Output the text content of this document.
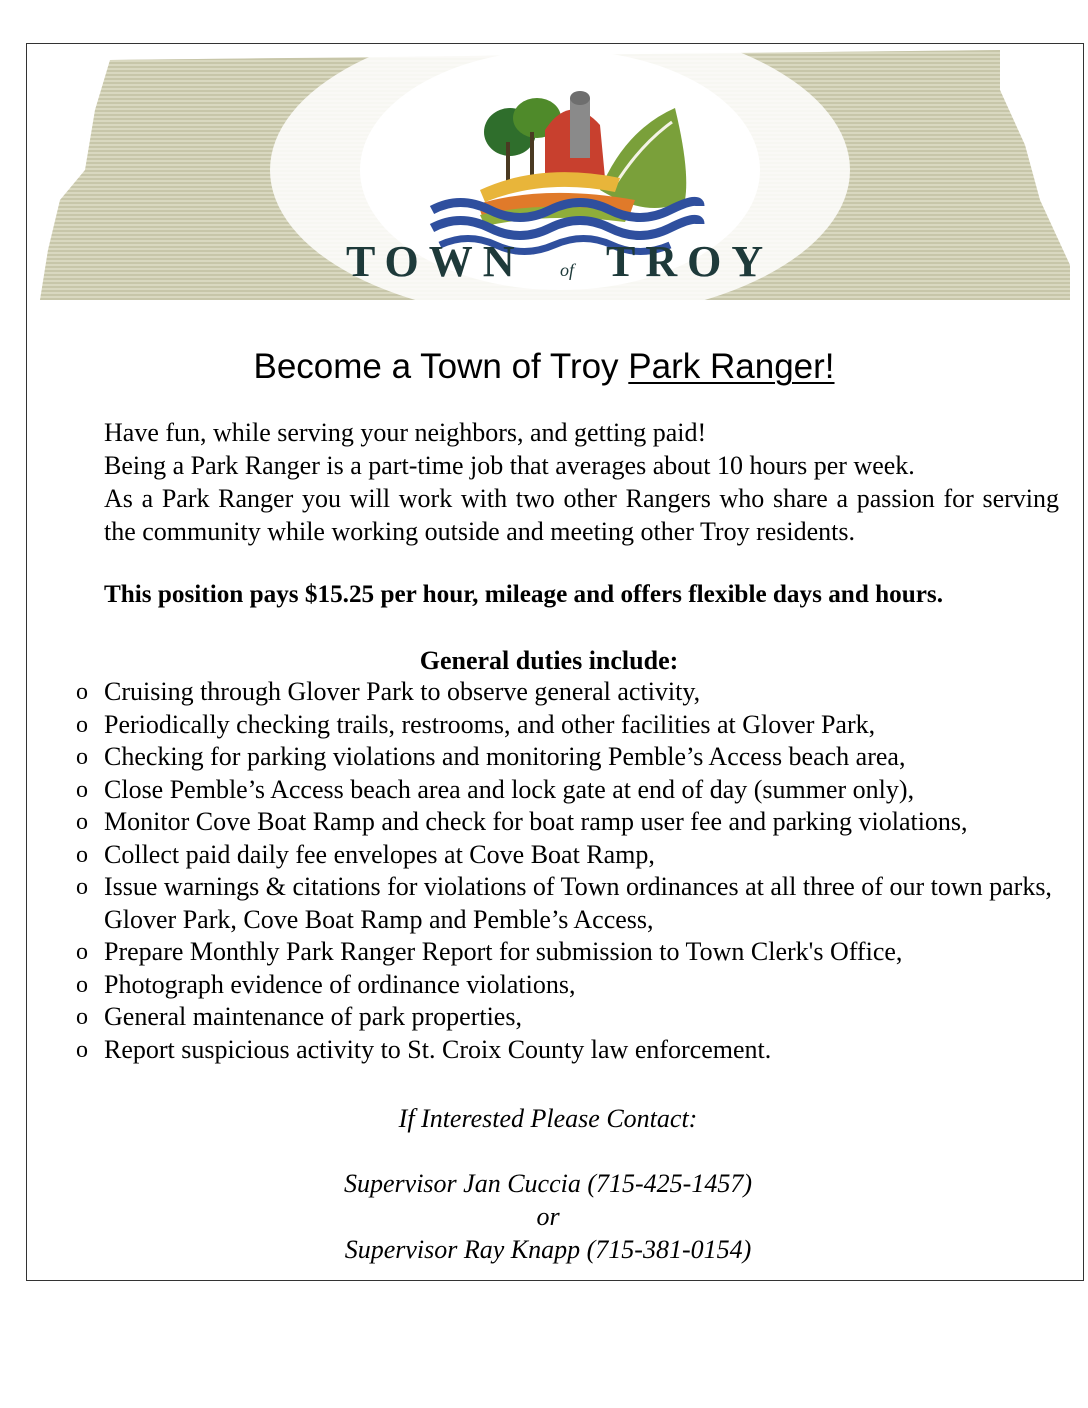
TOWN of TROY
Become a Town of Troy Park Ranger!

Have fun, while serving your neighbors, and getting paid!

Being a Park Ranger is a part-time job that averages about 10 hours per week.

As a Park Ranger you will work with two other Rangers who share a passion for serving the community while working outside and meeting other Troy residents.

This position pays $15.25 per hour, mileage and offers flexible days and hours.

General duties include:
o Cruising through Glover Park to observe general activity,
o Periodically checking trails, restrooms, and other facilities at Glover Park,
o Checking for parking violations and monitoring Pemble’s Access beach area,
o Close Pemble’s Access beach area and lock gate at end of day (summer only),
o Monitor Cove Boat Ramp and check for boat ramp user fee and parking violations,
o Collect paid daily fee envelopes at Cove Boat Ramp,
o Issue warnings & citations for violations of Town ordinances at all three of our town parks, Glover Park, Cove Boat Ramp and Pemble’s Access,
o Prepare Monthly Park Ranger Report for submission to Town Clerk's Office,
o Photograph evidence of ordinance violations,
o General maintenance of park properties,
o Report suspicious activity to St. Croix County law enforcement.
If Interested Please Contact:
Supervisor Jan Cuccia (715-425-1457)
or
Supervisor Ray Knapp (715-381-0154)
